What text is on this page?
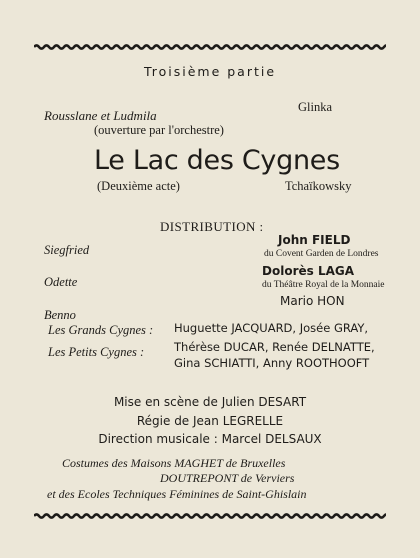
Troisième partie
Rousslane et Ludmila
Glinka
(ouverture par l'orchestre)
Le Lac des Cygnes
(Deuxième acte)	Tchaïkowsky
DISTRIBUTION :
Siegfried
John FIELD
du Covent Garden de Londres
Odette
Dolorès LAGA
du Théâtre Royal de la Monnaie
Benno
Mario HON
Les Grands Cygnes : Huguette JACQUARD, Josée GRAY,
Les Petits Cygnes :	Thérèse DUCAR, Renée DELNATTE,
Gina SCHIATTI, Anny ROOTHOOFT
Mise en scène de Julien DESART
Régie de Jean LEGRELLE
Direction musicale : Marcel DELSAUX
Costumes des Maisons MAGHET de Bruxelles
DOUTREPONT de Verviers
et des Ecoles Techniques Féminines de Saint-Ghislain
